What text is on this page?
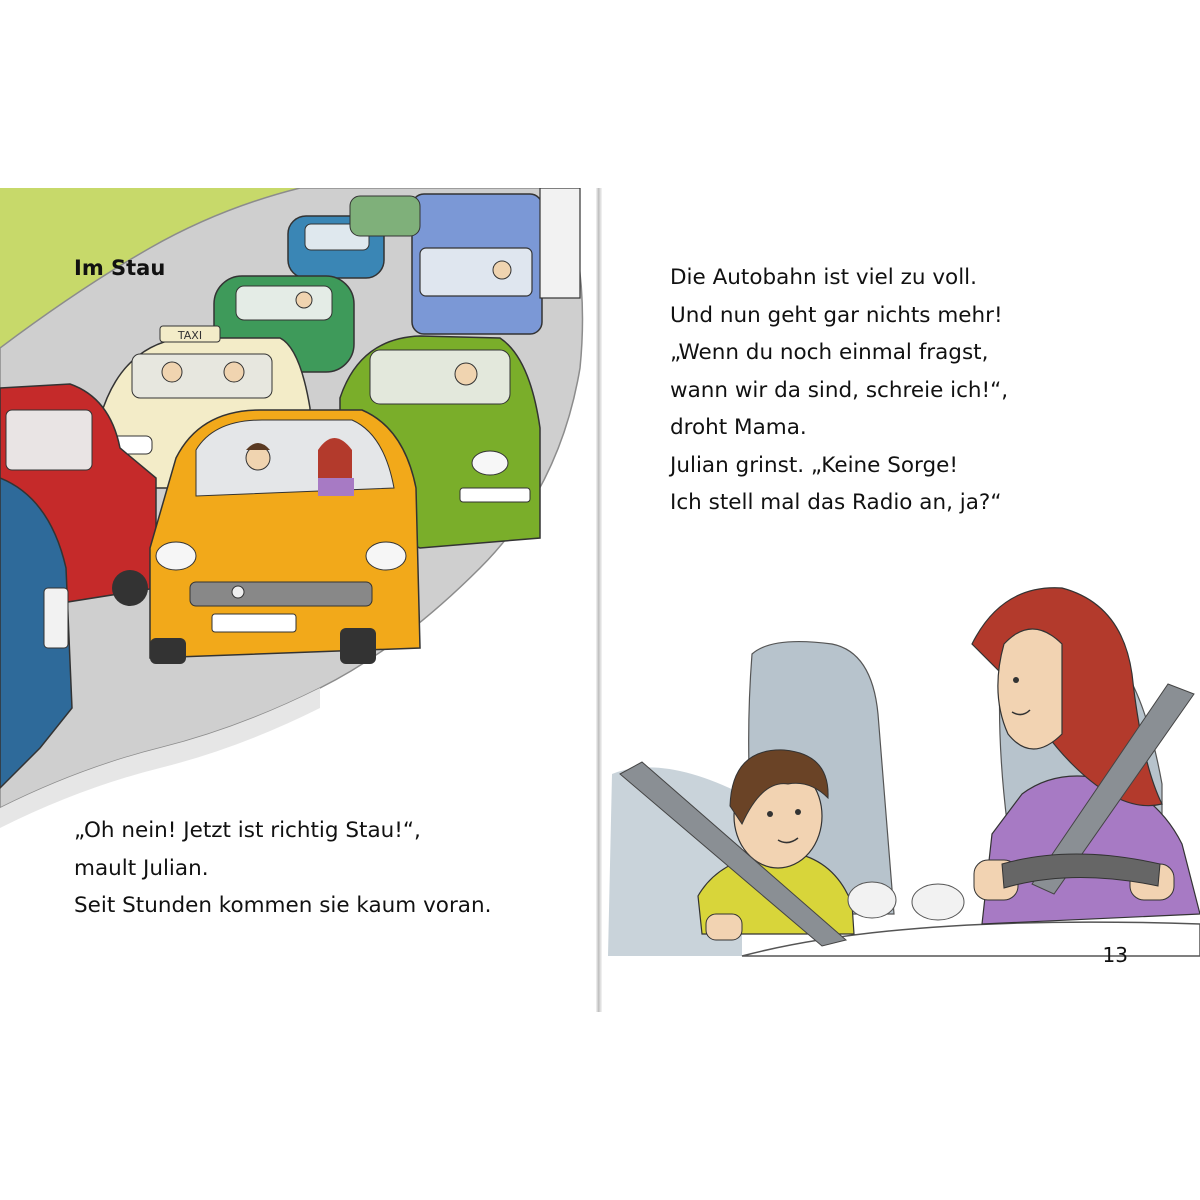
TAXI
Im Stau
„Oh nein! Jetzt ist richtig Stau!“,
mault Julian.
Seit Stunden kommen sie kaum voran.
Die Autobahn ist viel zu voll.
Und nun geht gar nichts mehr!
„Wenn du noch einmal fragst,
wann wir da sind, schreie ich!“,
droht Mama.
Julian grinst. „Keine Sorge!
Ich stell mal das Radio an, ja?“
13
